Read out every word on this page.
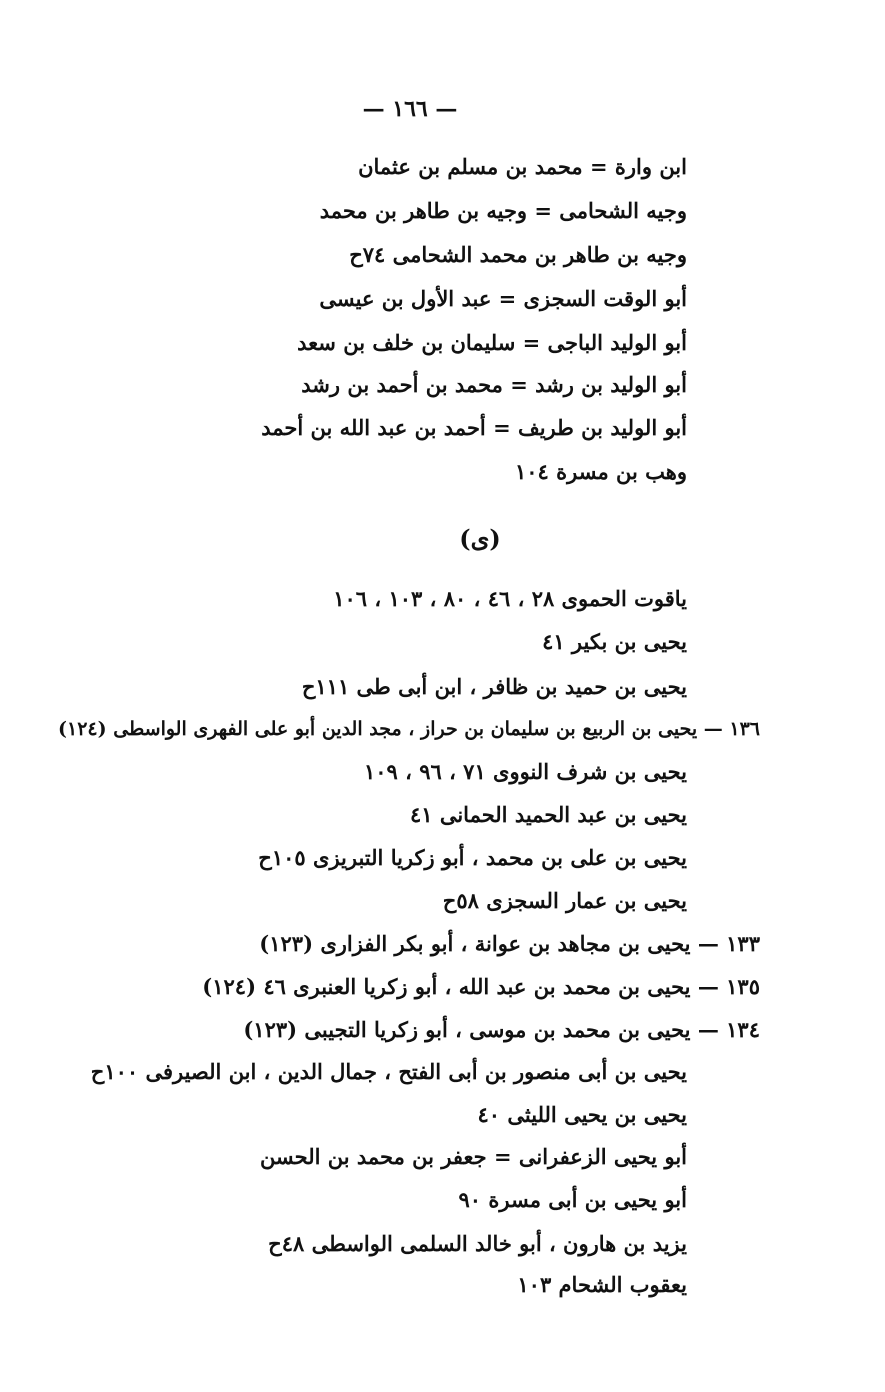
— ١٦٦ —
ابن وارة = محمد بن مسلم بن عثمان
وجيه الشحامى = وجيه بن طاهر بن محمد
وجيه بن طاهر بن محمد الشحامى ٧٤ح
أبو الوقت السجزى = عبد الأول بن عيسى
أبو الوليد الباجى = سليمان بن خلف بن سعد
أبو الوليد بن رشد = محمد بن أحمد بن رشد
أبو الوليد بن طريف = أحمد بن عبد الله بن أحمد
وهب بن مسرة ١٠٤
(ى)
ياقوت الحموى ٢٨ ، ٤٦ ، ٨٠ ، ١٠٣ ، ١٠٦
يحيى بن بكير ٤١
يحيى بن حميد بن ظافر ، ابن أبى طى ١١١ح
١٣٦ — يحيى بن الربيع بن سليمان بن حراز ، مجد الدين أبو على الفهرى الواسطى (١٢٤)
يحيى بن شرف النووى ٧١ ، ٩٦ ، ١٠٩
يحيى بن عبد الحميد الحمانى ٤١
يحيى بن على بن محمد ، أبو زكريا التبريزى ١٠٥ح
يحيى بن عمار السجزى ٥٨ح
١٣٣ — يحيى بن مجاهد بن عوانة ، أبو بكر الفزارى (١٢٣)
١٣٥ — يحيى بن محمد بن عبد الله ، أبو زكريا العنبرى ٤٦ (١٢٤)
١٣٤ — يحيى بن محمد بن موسى ، أبو زكريا التجيبى (١٢٣)
يحيى بن أبى منصور بن أبى الفتح ، جمال الدين ، ابن الصيرفى ١٠٠ح
يحيى بن يحيى الليثى ٤٠
أبو يحيى الزعفرانى = جعفر بن محمد بن الحسن
أبو يحيى بن أبى مسرة ٩٠
يزيد بن هارون ، أبو خالد السلمى الواسطى ٤٨ح
يعقوب الشحام ١٠٣
